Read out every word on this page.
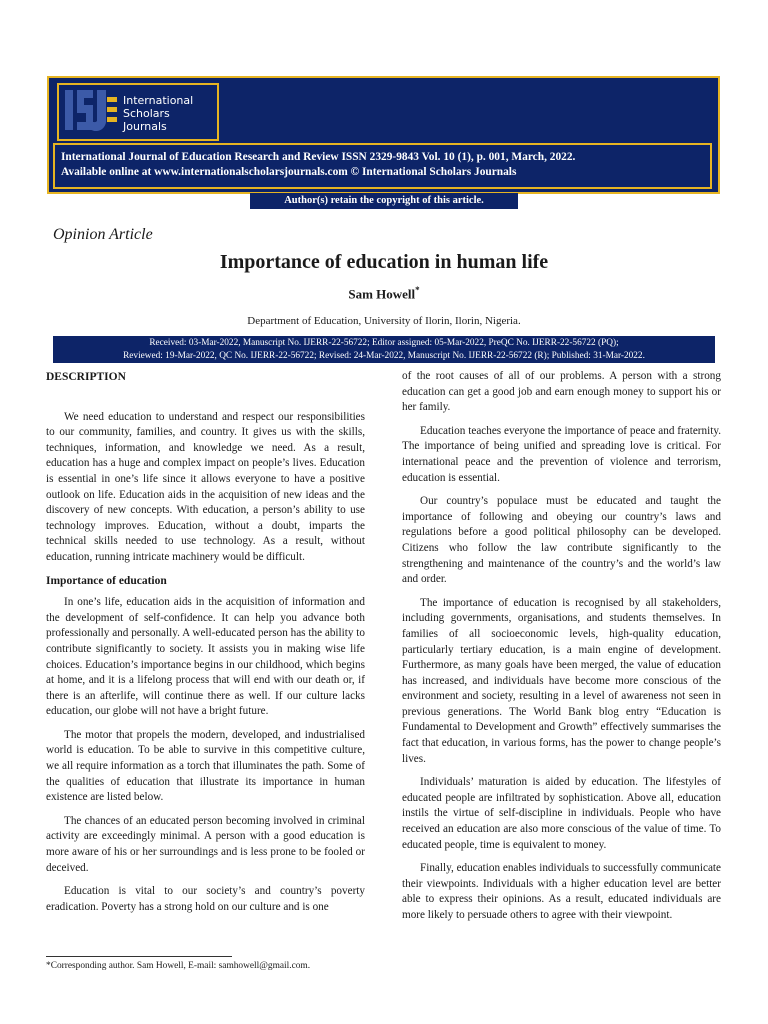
International
Scholars
Journals
International Journal of Education Research and Review ISSN 2329-9843 Vol. 10 (1), p. 001, March, 2022.
Available online at www.internationalscholarsjournals.com © International Scholars Journals
Author(s) retain the copyright of this article.
Opinion Article
Importance of education in human life
Sam Howell*
Department of Education, University of Ilorin, Ilorin, Nigeria.
Received: 03-Mar-2022, Manuscript No. IJERR-22-56722; Editor assigned: 05-Mar-2022, PreQC No. IJERR-22-56722 (PQ);
Reviewed: 19-Mar-2022, QC No. IJERR-22-56722; Revised: 24-Mar-2022, Manuscript No. IJERR-22-56722 (R); Published: 31-Mar-2022.
DESCRIPTION

We need education to understand and respect our responsibilities to our community, families, and country. It gives us with the skills, techniques, information, and knowledge we need. As a result, education has a huge and complex impact on people’s lives. Education is essential in one’s life since it allows everyone to have a positive outlook on life. Education aids in the acquisition of new ideas and the discovery of new concepts. With education, a person’s ability to use technology improves. Education, without a doubt, imparts the technical skills needed to use technology. As a result, without education, running intricate machinery would be difficult.

Importance of education

In one’s life, education aids in the acquisition of information and the development of self-confidence. It can help you advance both professionally and personally. A well-educated person has the ability to contribute significantly to society. It assists you in making wise life choices. Education’s importance begins in our childhood, which begins at home, and it is a lifelong process that will end with our death or, if there is an afterlife, will continue there as well. If our culture lacks education, our globe will not have a bright future.

The motor that propels the modern, developed, and industrialised world is education. To be able to survive in this competitive culture, we all require information as a torch that illuminates the path. Some of the qualities of education that illustrate its importance in human existence are listed below.

The chances of an educated person becoming involved in criminal activity are exceedingly minimal. A person with a good education is more aware of his or her surroundings and is less prone to be fooled or deceived.

Education is vital to our society’s and country’s poverty eradication. Poverty has a strong hold on our culture and is one

of the root causes of all of our problems. A person with a strong education can get a good job and earn enough money to support his or her family.

Education teaches everyone the importance of peace and fraternity. The importance of being unified and spreading love is critical. For international peace and the prevention of violence and terrorism, education is essential.

Our country’s populace must be educated and taught the importance of following and obeying our country’s laws and regulations before a good political philosophy can be developed. Citizens who follow the law contribute significantly to the strengthening and maintenance of the country’s and the world’s law and order.

The importance of education is recognised by all stakeholders, including governments, organisations, and students themselves. In families of all socioeconomic levels, high-quality education, particularly tertiary education, is a main engine of development. Furthermore, as many goals have been merged, the value of education has increased, and individuals have become more conscious of the environment and society, resulting in a level of awareness not seen in previous generations. The World Bank blog entry “Education is Fundamental to Development and Growth” effectively summarises the fact that education, in various forms, has the power to change people’s lives.

Individuals’ maturation is aided by education. The lifestyles of educated people are infiltrated by sophistication. Above all, education instils the virtue of self-discipline in individuals. People who have received an education are also more conscious of the value of time. To educated people, time is equivalent to money.

Finally, education enables individuals to successfully communicate their viewpoints. Individuals with a higher education level are better able to express their opinions. As a result, educated individuals are more likely to persuade others to agree with their viewpoint.

*Corresponding author. Sam Howell, E-mail: samhowell@gmail.com.
